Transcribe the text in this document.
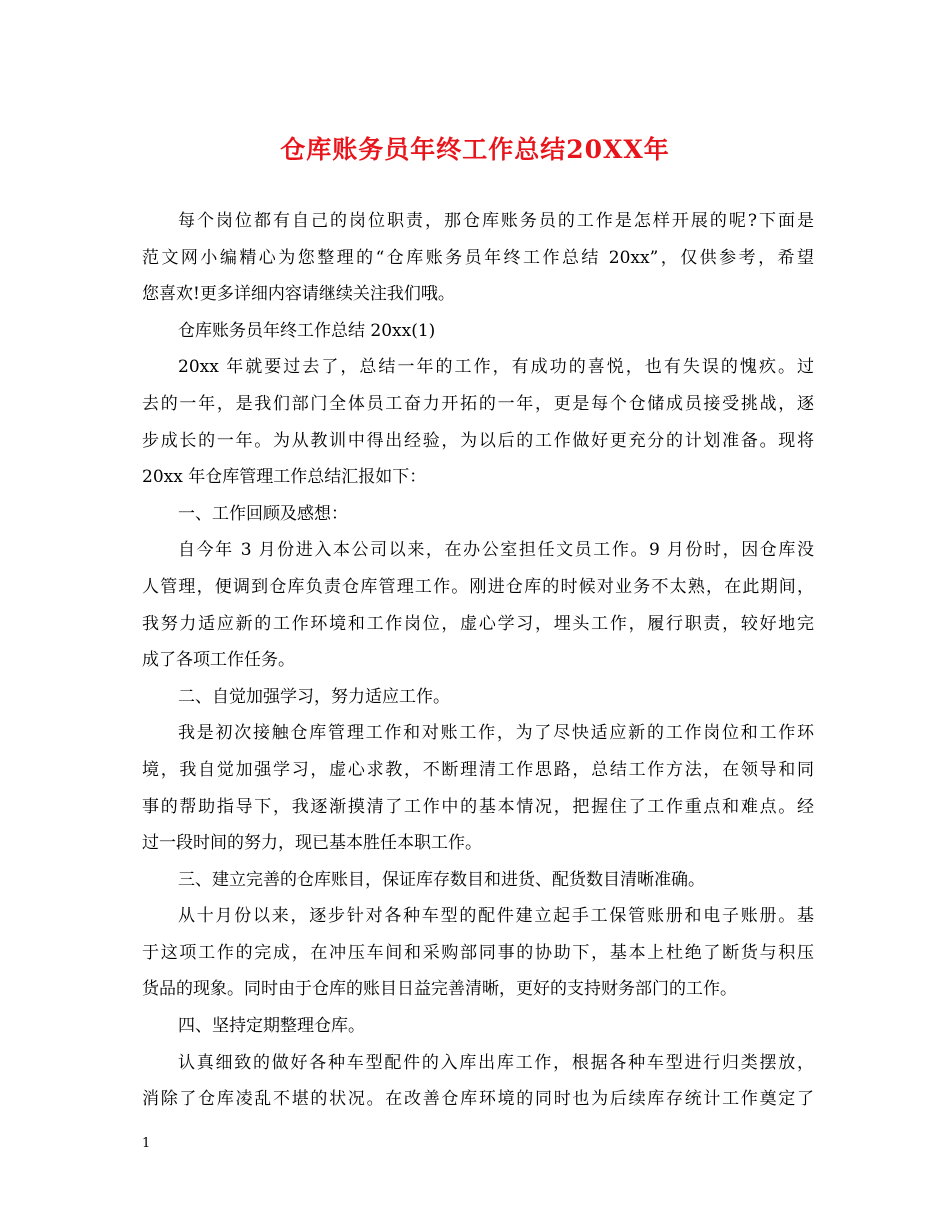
仓库账务员年终工作总结20XX年
每个岗位都有自己的岗位职责，那仓库账务员的工作是怎样开展的呢?下面是
范文网小编精心为您整理的“仓库账务员年终工作总结 20xx”，仅供参考，希望
您喜欢!更多详细内容请继续关注我们哦。
仓库账务员年终工作总结 20xx(1)
20xx 年就要过去了，总结一年的工作，有成功的喜悦，也有失误的愧疚。过
去的一年，是我们部门全体员工奋力开拓的一年，更是每个仓储成员接受挑战，逐
步成长的一年。为从教训中得出经验，为以后的工作做好更充分的计划准备。现将
20xx 年仓库管理工作总结汇报如下：
一、工作回顾及感想：
自今年 3 月份进入本公司以来，在办公室担任文员工作。9 月份时，因仓库没
人管理，便调到仓库负责仓库管理工作。刚进仓库的时候对业务不太熟，在此期间，
我努力适应新的工作环境和工作岗位，虚心学习，埋头工作，履行职责，较好地完
成了各项工作任务。
二、自觉加强学习，努力适应工作。
我是初次接触仓库管理工作和对账工作，为了尽快适应新的工作岗位和工作环
境，我自觉加强学习，虚心求教，不断理清工作思路，总结工作方法，在领导和同
事的帮助指导下，我逐渐摸清了工作中的基本情况，把握住了工作重点和难点。经
过一段时间的努力，现已基本胜任本职工作。
三、建立完善的仓库账目，保证库存数目和进货、配货数目清晰准确。
从十月份以来，逐步针对各种车型的配件建立起手工保管账册和电子账册。基
于这项工作的完成，在冲压车间和采购部同事的协助下，基本上杜绝了断货与积压
货品的现象。同时由于仓库的账目日益完善清晰，更好的支持财务部门的工作。
四、坚持定期整理仓库。
认真细致的做好各种车型配件的入库出库工作，根据各种车型进行归类摆放，
消除了仓库凌乱不堪的状况。在改善仓库环境的同时也为后续库存统计工作奠定了
1
